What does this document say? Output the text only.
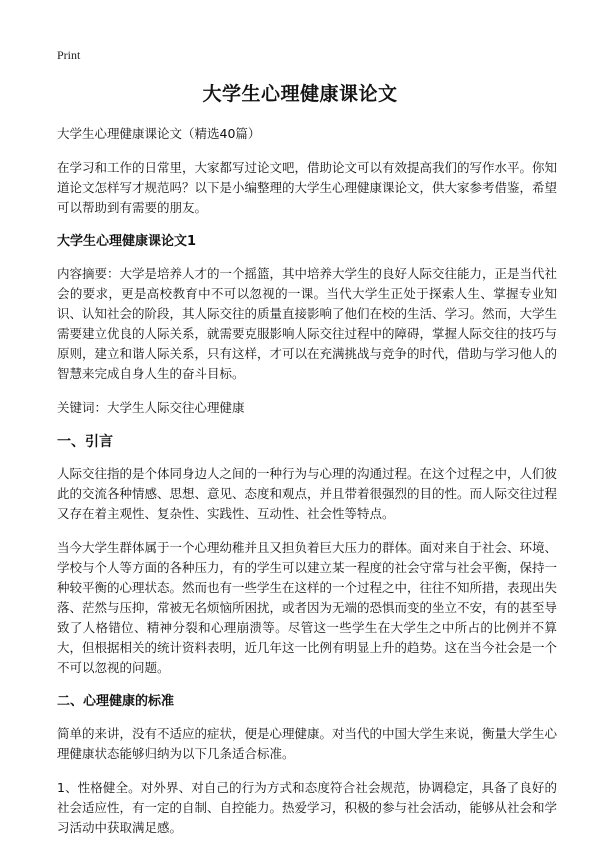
Print
大学生心理健康课论文

大学生心理健康课论文（精选40篇）

在学习和工作的日常里，大家都写过论文吧，借助论文可以有效提高我们的写作水平。你知道论文怎样写才规范吗？以下是小编整理的大学生心理健康课论文，供大家参考借鉴，希望可以帮助到有需要的朋友。

大学生心理健康课论文1

内容摘要：大学是培养人才的一个摇篮，其中培养大学生的良好人际交往能力，正是当代社会的要求，更是高校教育中不可以忽视的一课。当代大学生正处于探索人生、掌握专业知识、认知社会的阶段，其人际交往的质量直接影响了他们在校的生活、学习。然而，大学生需要建立优良的人际关系，就需要克服影响人际交往过程中的障碍，掌握人际交往的技巧与原则，建立和谐人际关系，只有这样，才可以在充满挑战与竞争的时代，借助与学习他人的智慧来完成自身人生的奋斗目标。

关键词：大学生人际交往心理健康

一、引言

人际交往指的是个体同身边人之间的一种行为与心理的沟通过程。在这个过程之中，人们彼此的交流各种情感、思想、意见、态度和观点，并且带着很强烈的目的性。而人际交往过程又存在着主观性、复杂性、实践性、互动性、社会性等特点。

当今大学生群体属于一个心理幼稚并且又担负着巨大压力的群体。面对来自于社会、环境、学校与个人等方面的各种压力，有的学生可以建立某一程度的社会守常与社会平衡，保持一种较平衡的心理状态。然而也有一些学生在这样的一个过程之中，往往不知所措，表现出失落、茫然与压抑，常被无名烦恼所困扰，或者因为无端的恐惧而变的坐立不安，有的甚至导致了人格错位、精神分裂和心理崩溃等。尽管这一些学生在大学生之中所占的比例并不算大，但根据相关的统计资料表明，近几年这一比例有明显上升的趋势。这在当今社会是一个不可以忽视的问题。

二、心理健康的标准

简单的来讲，没有不适应的症状，便是心理健康。对当代的中国大学生来说，衡量大学生心理健康状态能够归纳为以下几条适合标准。

1、性格健全。对外界、对自己的行为方式和态度符合社会规范，协调稳定，具备了良好的社会适应性，有一定的自制、自控能力。热爱学习，积极的参与社会活动，能够从社会和学习活动中获取满足感。
